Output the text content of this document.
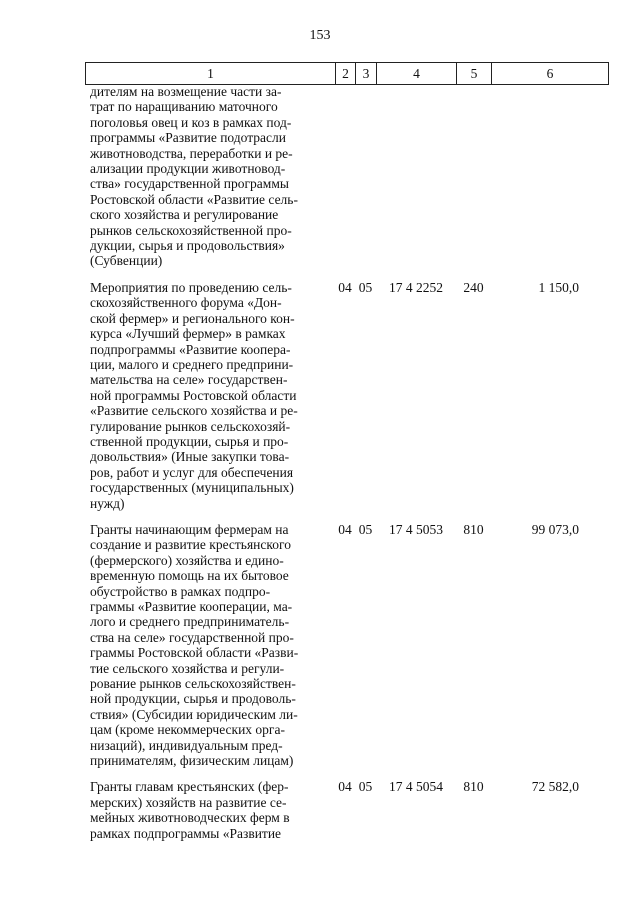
153
1	2	3	4	5	6
дителям на возмещение части за-
трат по наращиванию маточного
поголовья овец и коз в рамках под-
программы «Развитие подотрасли
животноводства, переработки и ре-
ализации продукции животновод-
ства» государственной программы
Ростовской области «Развитие сель-
ского хозяйства и регулирование
рынков сельскохозяйственной про-
дукции, сырья и продовольствия»
(Субвенции)
Мероприятия по проведению сель-
скохозяйственного форума «Дон-
ской фермер» и регионального кон-
курса «Лучший фермер» в рамках
подпрограммы «Развитие коопера-
ции, малого и среднего предприни-
мательства на селе» государствен-
ной программы Ростовской области
«Развитие сельского хозяйства и ре-
гулирование рынков сельскохозяй-
ственной продукции, сырья и про-
довольствия» (Иные закупки това-
ров, работ и услуг для обеспечения
государственных (муниципальных)
нужд)
04 05	17 4 2252	240	1 150,0
Гранты начинающим фермерам на
создание и развитие крестьянского
(фермерского) хозяйства и едино-
временную помощь на их бытовое
обустройство в рамках подпро-
граммы «Развитие кооперации, ма-
лого и среднего предприниматель-
ства на селе» государственной про-
граммы Ростовской области «Разви-
тие сельского хозяйства и регули-
рование рынков сельскохозяйствен-
ной продукции, сырья и продоволь-
ствия» (Субсидии юридическим ли-
цам (кроме некоммерческих орга-
низаций), индивидуальным пред-
принимателям, физическим лицам)
04 05	17 4 5053	810	99 073,0
Гранты главам крестьянских (фер-
мерских) хозяйств на развитие се-
мейных животноводческих ферм в
рамках подпрограммы «Развитие
04 05	17 4 5054	810	72 582,0
